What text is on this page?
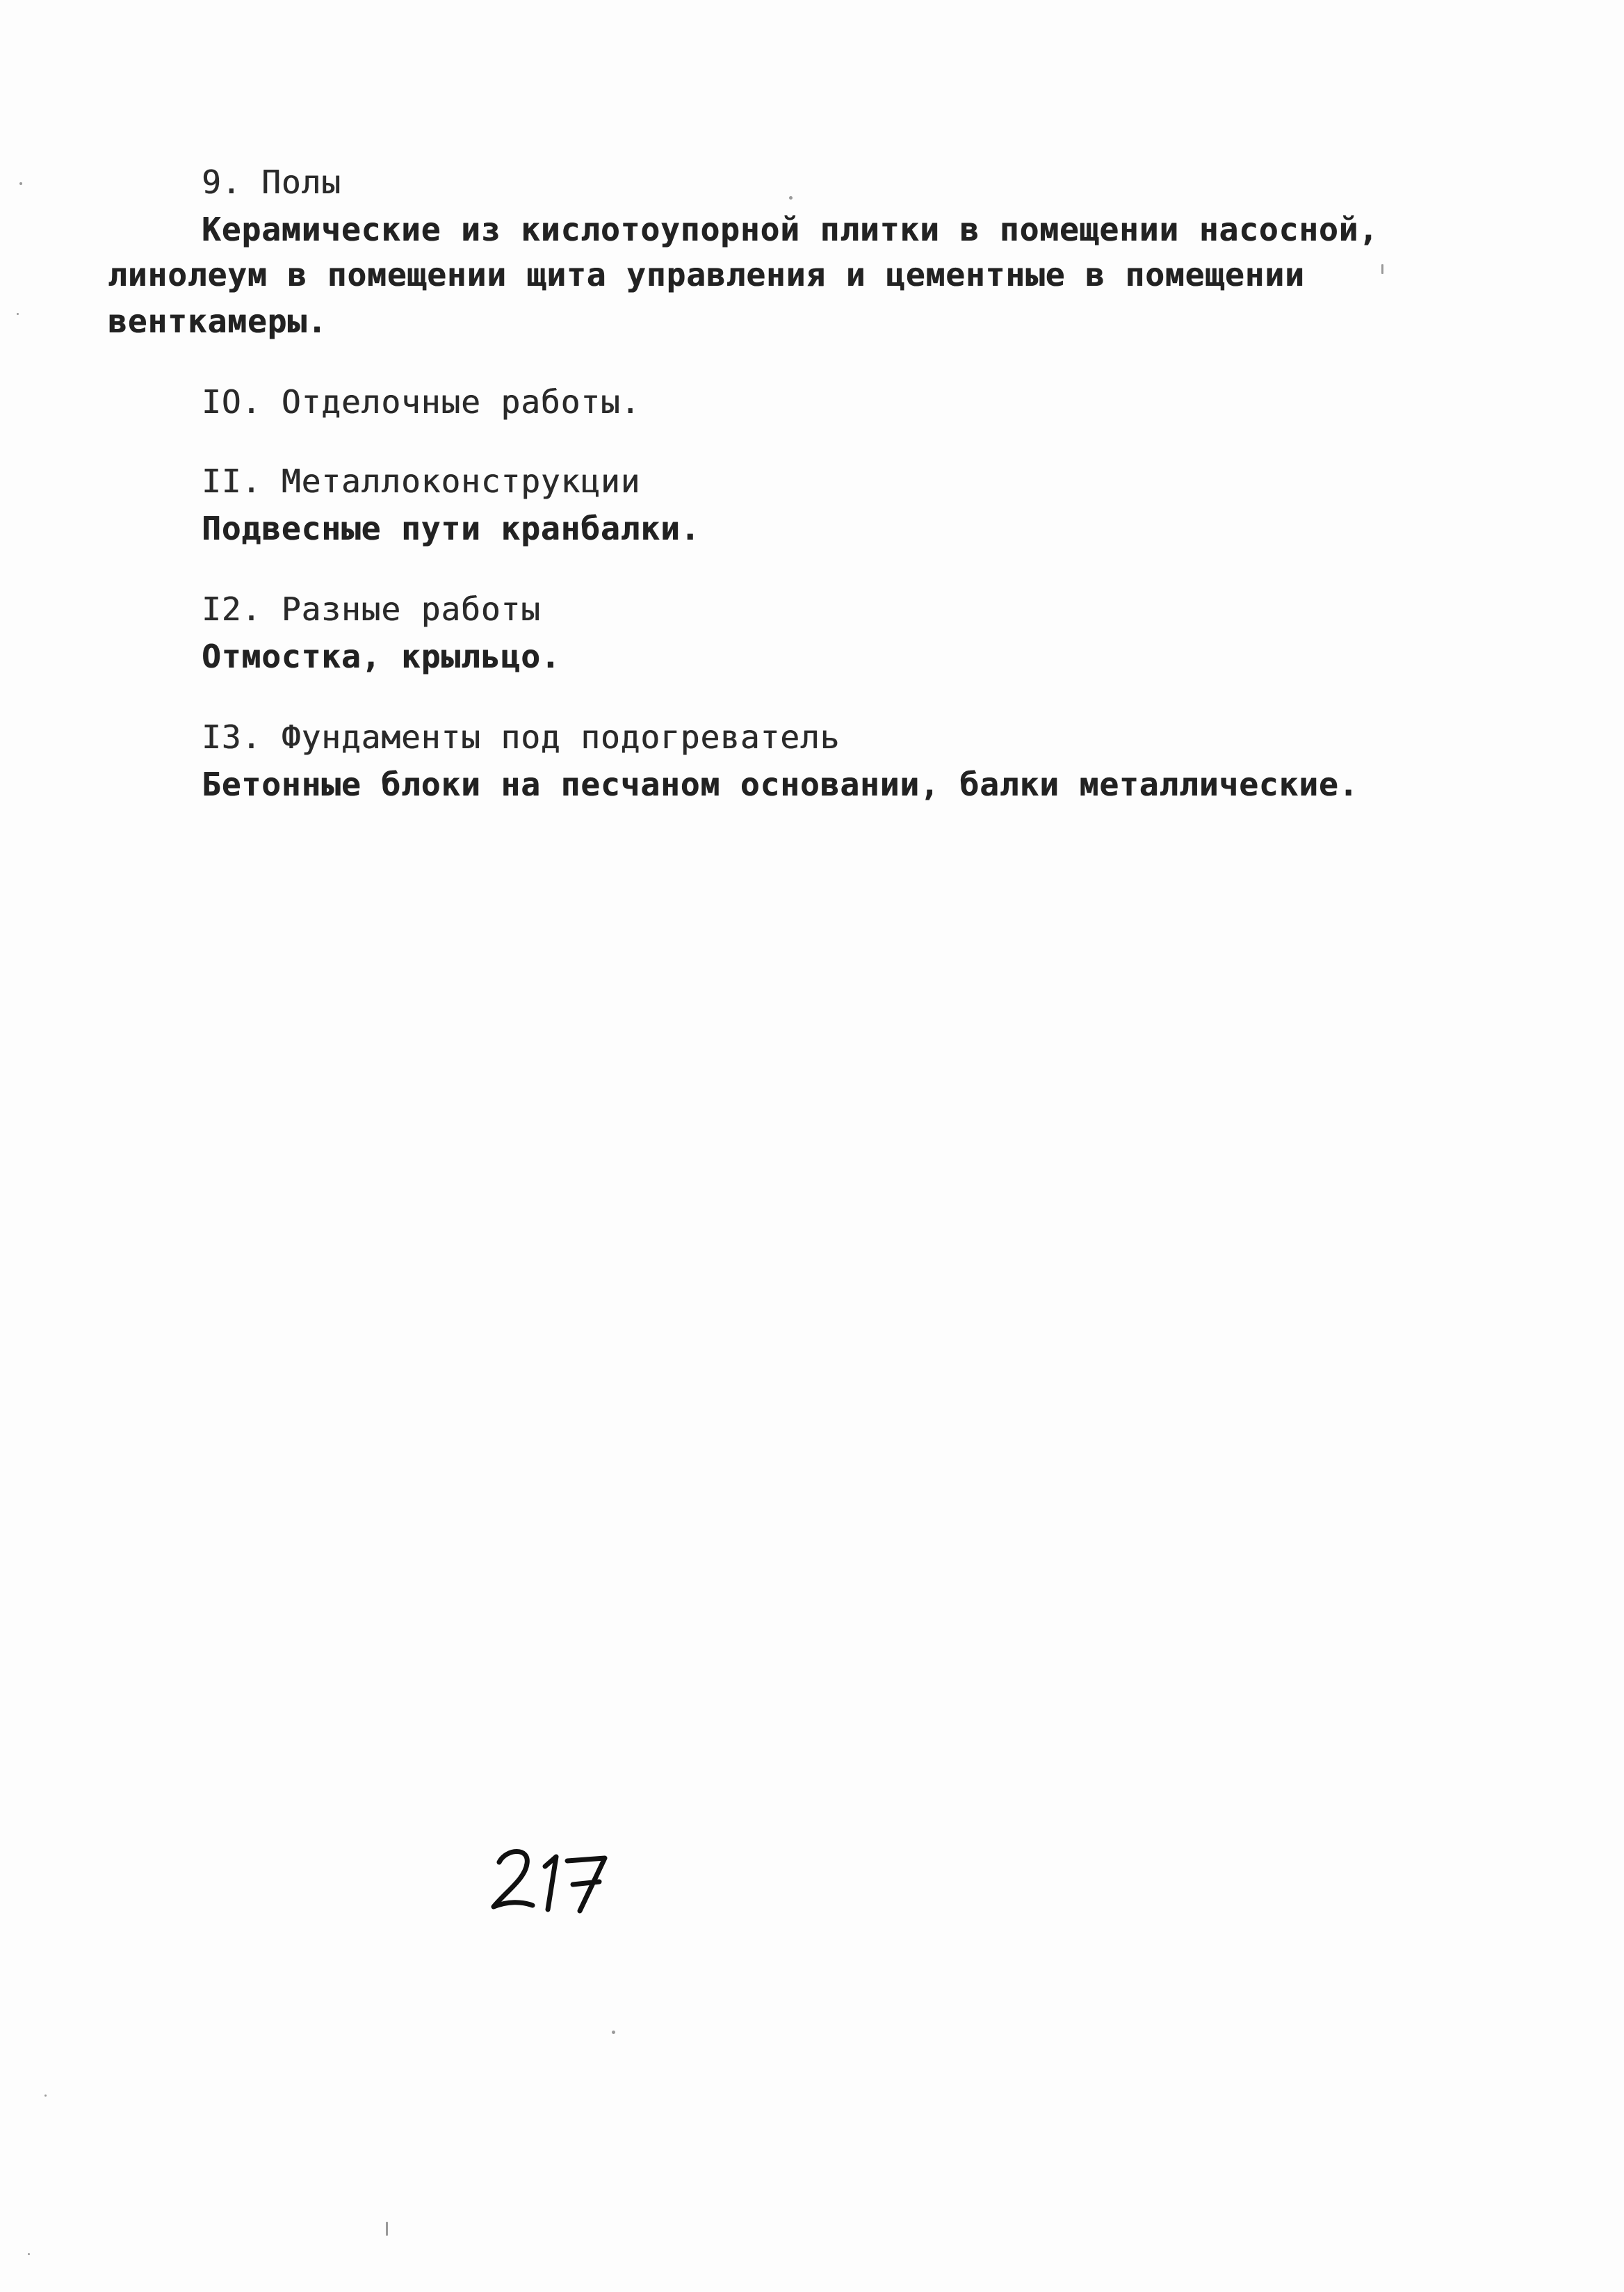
9. Полы
Керамические из кислотоупорной плитки в помещении насосной,
линолеум в помещении щита управления и цементные в помещении
венткамеры.
IO. Отделочные работы.
II. Металлоконструкции
Подвесные пути кранбалки.
I2. Разные работы
Отмостка, крыльцо.
I3. Фундаменты под подогреватель
Бетонные блоки на песчаном основании, балки металлические.
